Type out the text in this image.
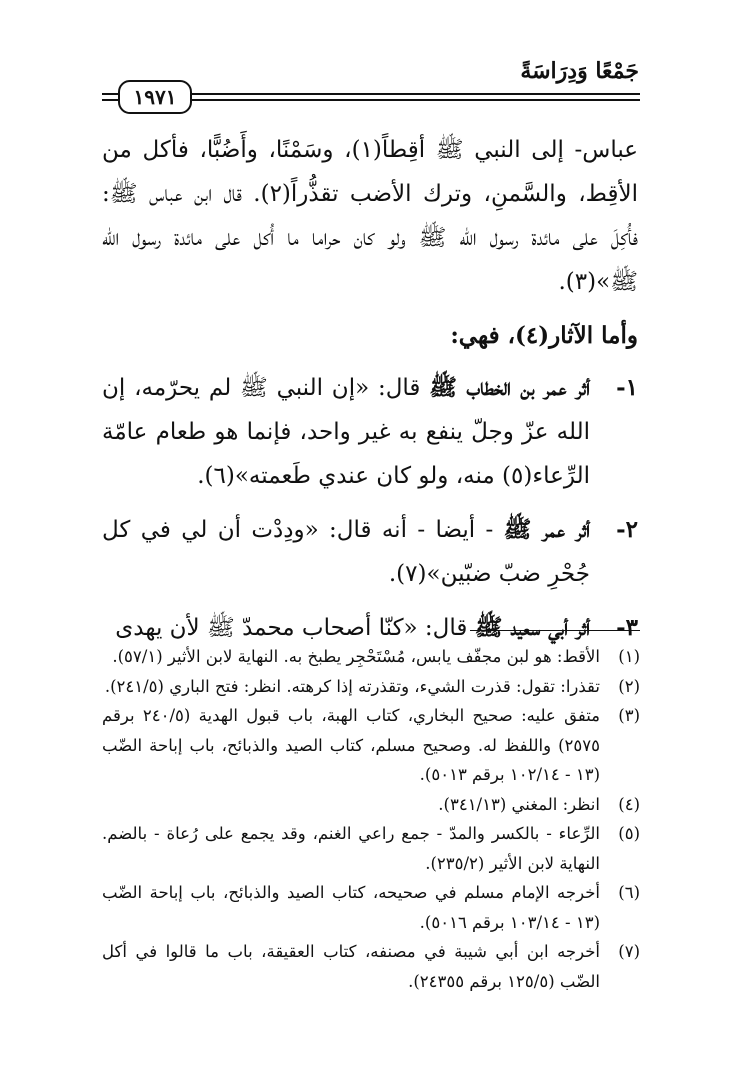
جَمْعًا وَدِرَاسَةً
١٩٧١

عباس- إلى النبي ﷺ أقِطاً(١)، وسَمْنًا، وأَضُبًّا، فأكل من الأقِط، والسَّمنِ، وترك الأضب تقذُّراً(٢). قال ابن عباس ﷺ: فأُكِلَ على مائدة رسول الله ﷺ ولو كان حراما ما أُكل على مائدة رسول الله ﷺ»(٣).

وأما الآثار(٤)، فهي:

١-
أثر عمر بن الخطاب ﷺ قال: «إن النبي ﷺ لم يحرّمه، إن الله عزّ وجلّ ينفع به غير واحد، فإنما هو طعام عامّة الرِّعاء(٥) منه، ولو كان عندي طَعمته»(٦).
٢-
أثر عمر ﷺ - أيضا - أنه قال: «ودِدْت أن لي في كل جُحْرِ ضبّ ضبّين»(٧).
٣-
أثر أبي سعيد ﷺ قال: «كنّا أصحاب محمدّ ﷺ لأن يهدى
(١)
الأقط: هو لبن مجفّف يابس، مُسْتَحْجِر يطبخ به. النهاية لابن الأثير (٥٧/١).
(٢)
تقذرا: تقول: قذرت الشيء، وتقذرته إذا كرهته. انظر: فتح الباري (٢٤١/٥).
(٣)
متفق عليه: صحيح البخاري، كتاب الهبة، باب قبول الهدية (٢٤٠/٥ برقم ٢٥٧٥) واللفظ له. وصحيح مسلم، كتاب الصيد والذبائح، باب إباحة الضّب (١٣ - ١٠٢/١٤ برقم ٥٠١٣).
(٤)
انظر: المغني (٣٤١/١٣).
(٥)
الرِّعاء - بالكسر والمدّ - جمع راعي الغنم، وقد يجمع على رُعاة - بالضم. النهاية لابن الأثير (٢٣٥/٢).
(٦)
أخرجه الإمام مسلم في صحيحه، كتاب الصيد والذبائح، باب إباحة الضّب (١٣ - ١٠٣/١٤ برقم ٥٠١٦).
(٧)
أخرجه ابن أبي شيبة في مصنفه، كتاب العقيقة، باب ما قالوا في أكل الضّب (١٢٥/٥ برقم ٢٤٣٥٥).
